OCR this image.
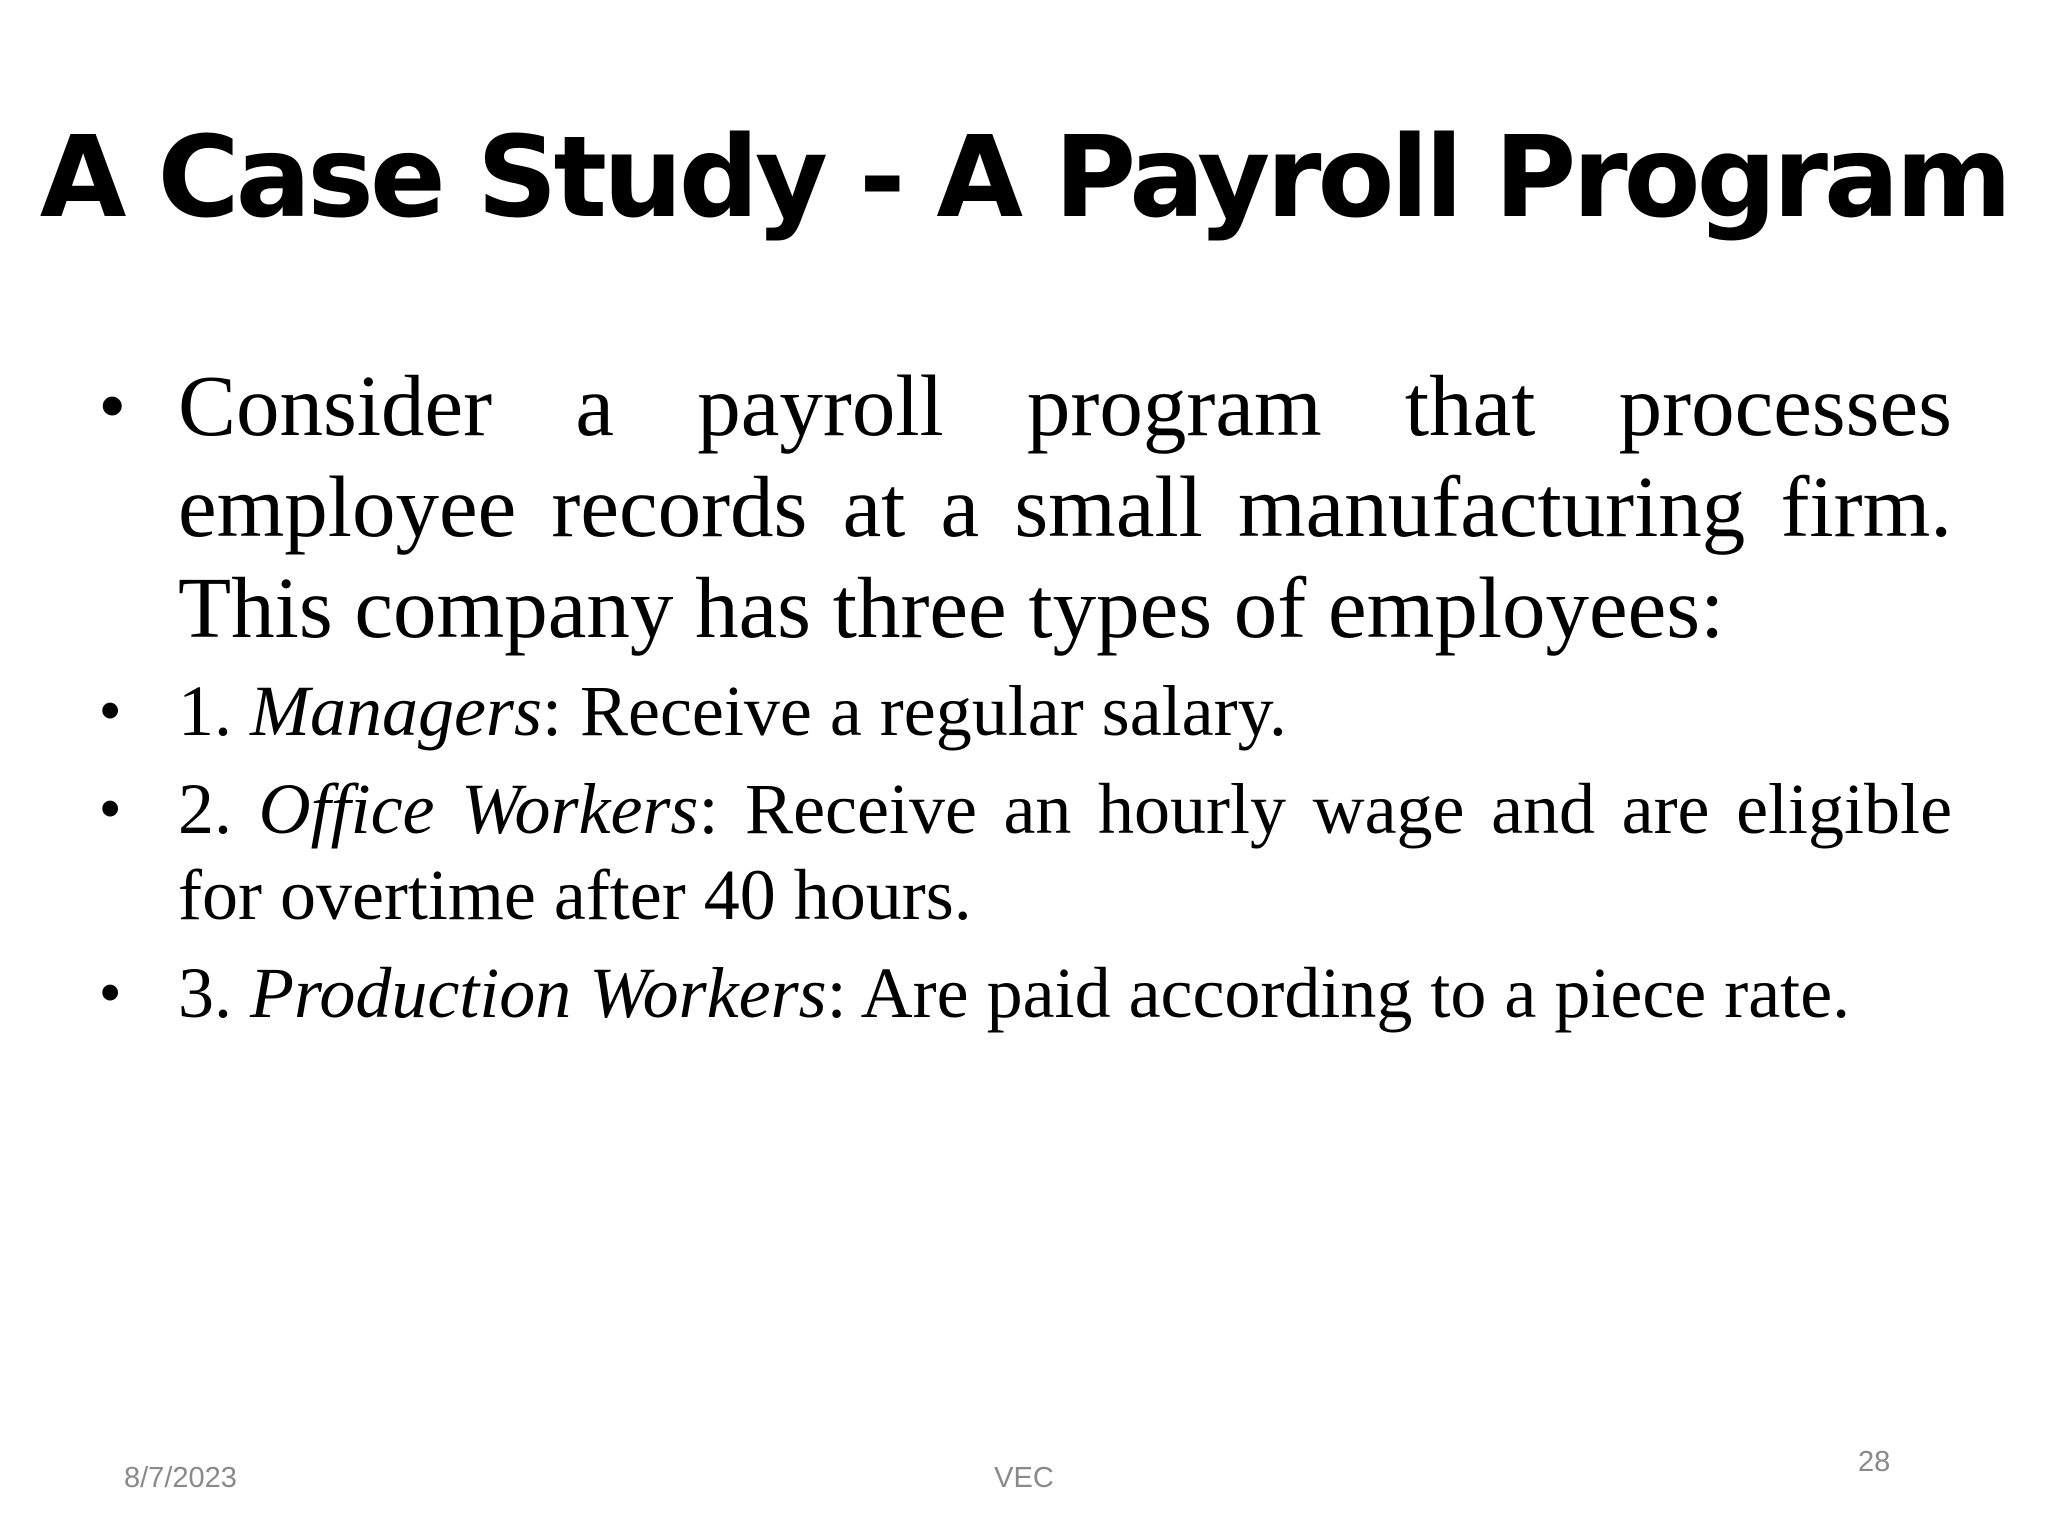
A Case Study - A Payroll Program
• Consider a payroll program that processes employee records at a small manufacturing firm. This company has three types of employees:
• 1. Managers: Receive a regular salary.
• 2. Office Workers: Receive an hourly wage and are eligible for overtime after 40 hours.
• 3. Production Workers: Are paid according to a piece rate.
8/7/2023	VEC	28
